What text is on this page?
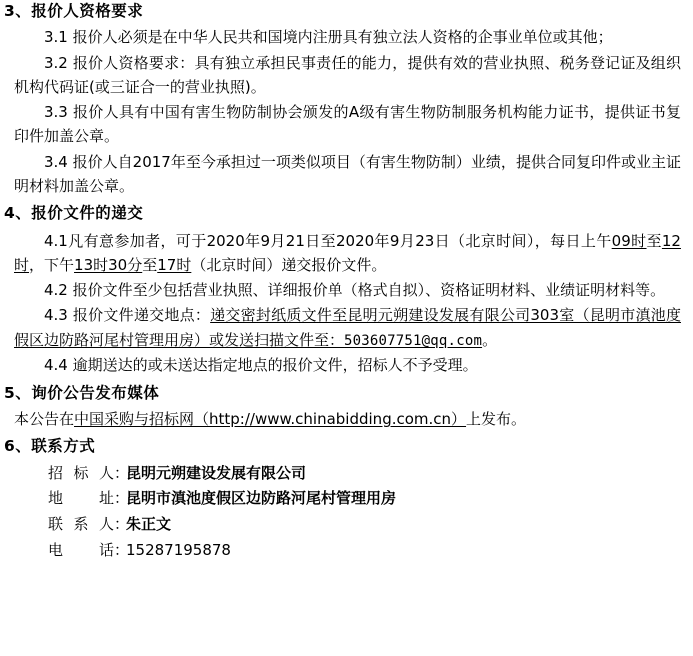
3、报价人资格要求

3.1 报价人必须是在中华人民共和国境内注册具有独立法人资格的企事业单位或其他；

3.2 报价人资格要求：具有独立承担民事责任的能力，提供有效的营业执照、税务登记证及组织机构代码证(或三证合一的营业执照)。

3.3 报价人具有中国有害生物防制协会颁发的A级有害生物防制服务机构能力证书，提供证书复印件加盖公章。

3.4 报价人自2017年至今承担过一项类似项目（有害生物防制）业绩，提供合同复印件或业主证明材料加盖公章。

4、报价文件的递交

4.1凡有意参加者，可于2020年9月21日至2020年9月23日（北京时间），每日上午09时至12时，下午13时30分至17时（北京时间）递交报价文件。

4.2 报价文件至少包括营业执照、详细报价单（格式自拟）、资格证明材料、业绩证明材料等。

4.3 报价文件递交地点：递交密封纸质文件至昆明元朔建设发展有限公司303室（昆明市滇池度假区边防路河尾村管理用房）或发送扫描文件至：503607751@qq.com。

4.4 逾期送达的或未送达指定地点的报价文件，招标人不予受理。

5、询价公告发布媒体

本公告在中国采购与招标网（http://www.chinabidding.com.cn）上发布。

6、联系方式
招标人：昆明元朔建设发展有限公司
地址：昆明市滇池度假区边防路河尾村管理用房
联系人：朱正文
电话：15287195878
